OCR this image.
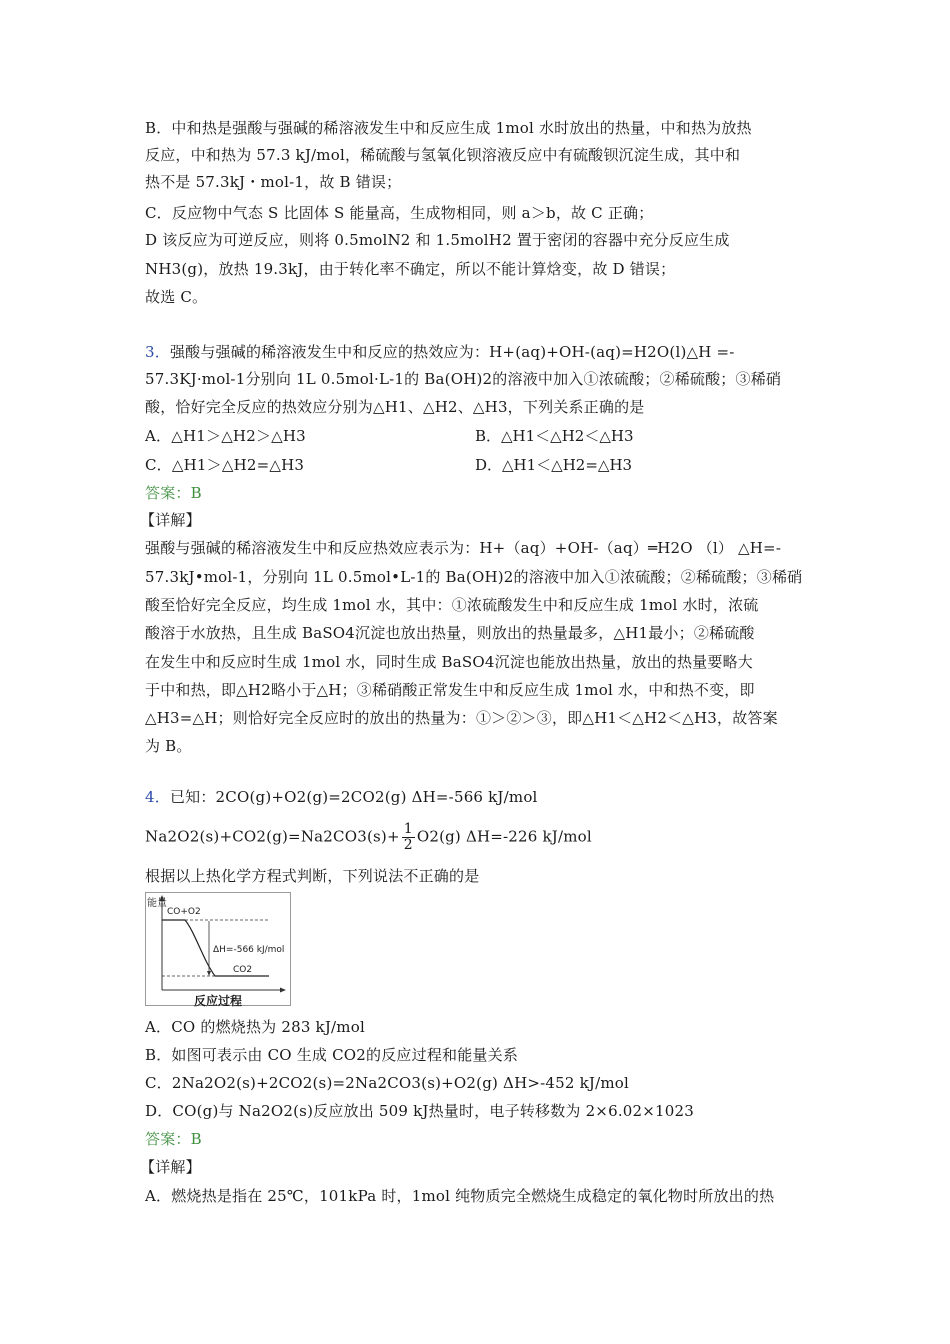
B．中和热是强酸与强碱的稀溶液发生中和反应生成 1mol 水时放出的热量，中和热为放热
反应，中和热为 57.3 kJ/mol，稀硫酸与氢氧化钡溶液反应中有硫酸钡沉淀生成，其中和
热不是 57.3kJ・mol-1，故 B 错误；
C．反应物中气态 S 比固体 S 能量高，生成物相同，则 a＞b，故 C 正确；
D 该反应为可逆反应，则将 0.5molN2 和 1.5molH2 置于密闭的容器中充分反应生成
NH3(g)，放热 19.3kJ，由于转化率不确定，所以不能计算焓变，故 D 错误；
故选 C。
3．强酸与强碱的稀溶液发生中和反应的热效应为：H+(aq)+OH-(aq)=H2O(l)△H =-
57.3KJ·mol-1分别向 1L 0.5mol·L-1的 Ba(OH)2的溶液中加入①浓硫酸；②稀硫酸；③稀硝
酸，恰好完全反应的热效应分别为△H1、△H2、△H3，下列关系正确的是
A．△H1＞△H2＞△H3	B．△H1＜△H2＜△H3
C．△H1＞△H2=△H3	D．△H1＜△H2=△H3
答案：B
【详解】
强酸与强碱的稀溶液发生中和反应热效应表示为：H+（aq）+OH-（aq）═H2O （l） △H=-
57.3kJ•mol-1，分别向 1L 0.5mol•L-1的 Ba(OH)2的溶液中加入①浓硫酸；②稀硫酸；③稀硝
酸至恰好完全反应，均生成 1mol 水，其中：①浓硫酸发生中和反应生成 1mol 水时，浓硫
酸溶于水放热，且生成 BaSO4沉淀也放出热量，则放出的热量最多，△H1最小；②稀硫酸
在发生中和反应时生成 1mol 水，同时生成 BaSO4沉淀也能放出热量，放出的热量要略大
于中和热，即△H2略小于△H；③稀硝酸正常发生中和反应生成 1mol 水，中和热不变，即
△H3=△H；则恰好完全反应时的放出的热量为：①＞②＞③，即△H1＜△H2＜△H3，故答案
为 B。
4．已知：2CO(g)+O2(g)=2CO2(g) ΔH=-566 kJ/mol
$Na2O2(s)+CO2(g)=Na2CO3(s)+ \frac{1}{2} O2(g)$ ΔH=-226 kJ/mol
根据以上热化学方程式判断，下列说法不正确的是
能量
CO+O2
ΔH=-566 kJ/mol
CO2
反应过程
A．CO 的燃烧热为 283 kJ/mol
B．如图可表示由 CO 生成 CO2的反应过程和能量关系
C．2Na2O2(s)+2CO2(s)=2Na2CO3(s)+O2(g) ΔH>-452 kJ/mol
D．CO(g)与 Na2O2(s)反应放出 509 kJ热量时，电子转移数为 2×6.02×1023
答案：B
【详解】
A．燃烧热是指在 25℃，101kPa 时，1mol 纯物质完全燃烧生成稳定的氧化物时所放出的热
